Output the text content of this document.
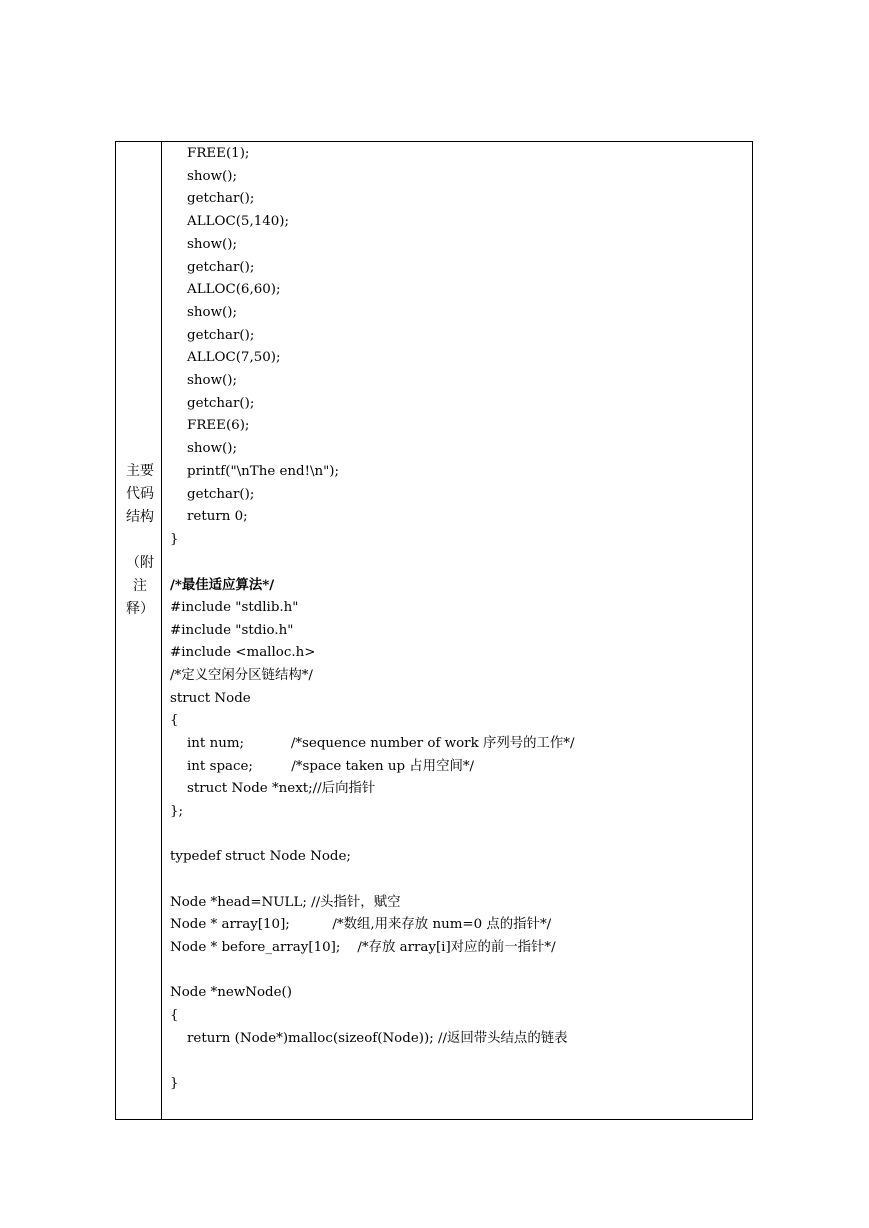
主要
代码
结构
（附
注
释）
FREE(1);
show();
getchar();
ALLOC(5,140);
show();
getchar();
ALLOC(6,60);
show();
getchar();
ALLOC(7,50);
show();
getchar();
FREE(6);
show();
printf("\nThe end!\n");
getchar();
return 0;
}
/*最佳适应算法*/
#include "stdlib.h"
#include "stdio.h"
#include <malloc.h>
/*定义空闲分区链结构*/
struct Node
{
int num;           /*sequence number of work 序列号的工作*/
int space;         /*space taken up 占用空间*/
struct Node *next;//后向指针
};
typedef struct Node Node;
Node *head=NULL; //头指针，赋空
Node * array[10];          /*数组,用来存放 num=0 点的指针*/
Node * before_array[10];    /*存放 array[i]对应的前一指针*/
Node *newNode()
{
return (Node*)malloc(sizeof(Node)); //返回带头结点的链表
}
